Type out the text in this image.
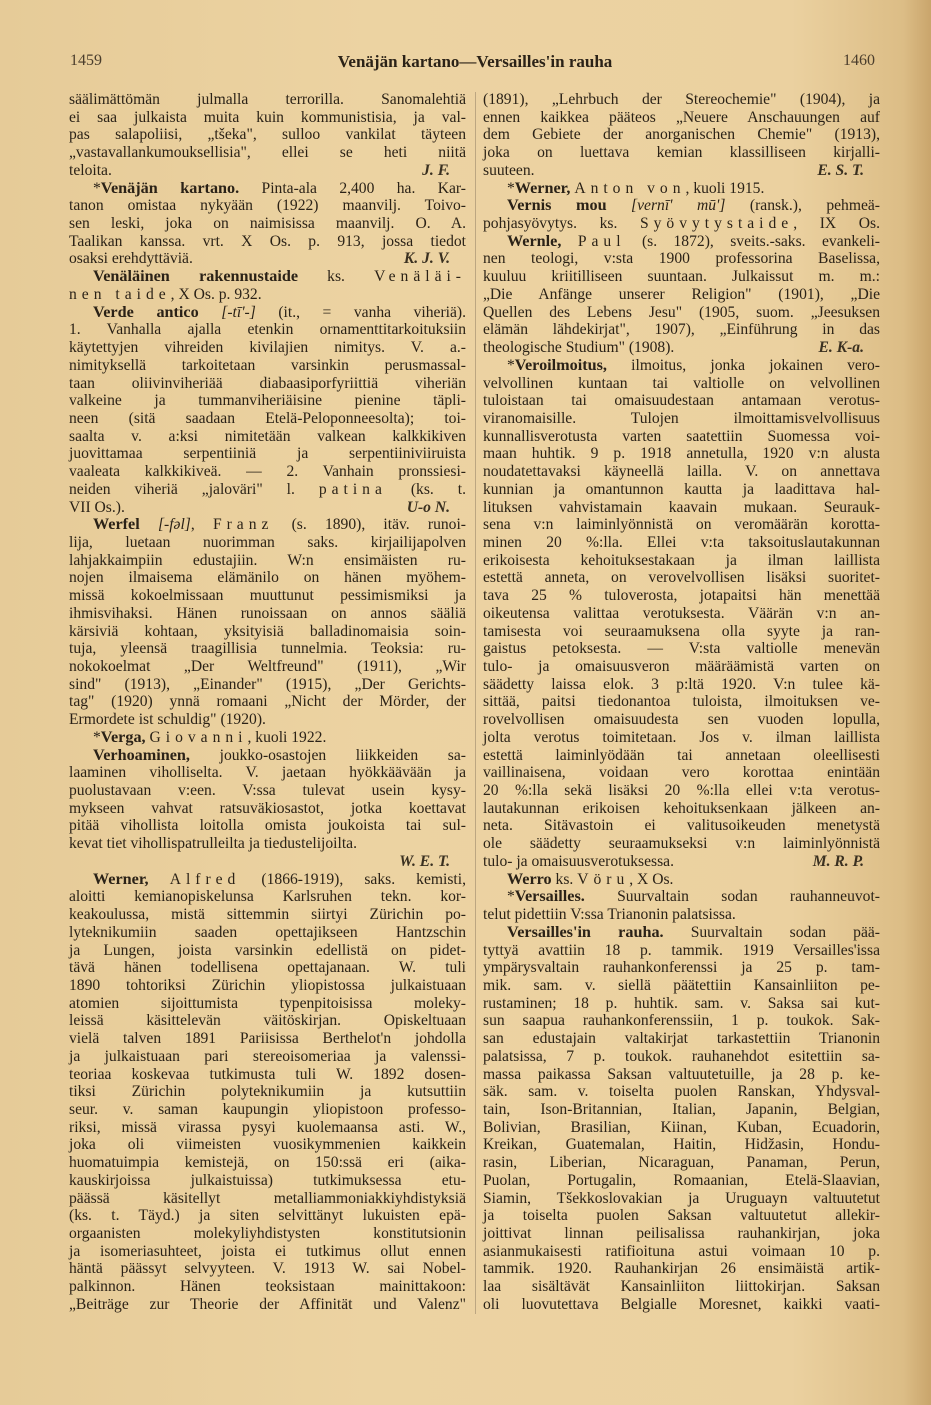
1459	Venäjän kartano—Versailles'in rauha	1460
säälimättömän julmalla terrorilla. Sanomalehtiä
ei saa julkaista muita kuin kommunistisia, ja val-
pas salapoliisi, „tšeka", sulloo vankilat täyteen
„vastavallankumouksellisia", ellei se heti niitä
teloita.	J. F.
*Venäjän kartano. Pinta-ala 2,400 ha. Kar-
tanon omistaa nykyään (1922) maanvilj. Toivo-
sen leski, joka on naimisissa maanvilj. O. A.
Taalikan kanssa. vrt. X Os. p. 913, jossa tiedot
osaksi erehdyttäviä.	K. J. V.
Venäläinen rakennustaide ks. Venäläi-
nen taide, X Os. p. 932.
Verde antico [-tī'-] (it., = vanha viheriä).
1. Vanhalla ajalla etenkin ornamenttitarkoituksiin
käytettyjen vihreiden kivilajien nimitys. V. a.-
nimityksellä tarkoitetaan varsinkin perusmassal-
taan oliivinviheriää diabaasiporfyriittiä viheriän
valkeine ja tummanviheriäisine pienine täpli-
neen (sitä saadaan Etelä-Peloponneesolta); toi-
saalta v. a:ksi nimitetään valkean kalkkikiven
juovittamaa serpentiiniä ja serpentiiniviiruista
vaaleata kalkkikiveä. — 2. Vanhain pronssiesi-
neiden viheriä „jaloväri" l. patina (ks. t.
VII Os.).	U-o N.
Werfel [-fəl], Franz (s. 1890), itäv. runoi-
lija, luetaan nuorimman saks. kirjailijapolven
lahjakkaimpiin edustajiin. W:n ensimäisten ru-
nojen ilmaisema elämänilo on hänen myöhem-
missä kokoelmissaan muuttunut pessimismiksi ja
ihmisvihaksi. Hänen runoissaan on annos sääliä
kärsiviä kohtaan, yksityisiä balladinomaisia soin-
tuja, yleensä traagillisia tunnelmia. Teoksia: ru-
nokokoelmat „Der Weltfreund" (1911), „Wir
sind" (1913), „Einander" (1915), „Der Gerichts-
tag" (1920) ynnä romaani „Nicht der Mörder, der
Ermordete ist schuldig" (1920).
*Verga, Giovanni, kuoli 1922.
Verhoaminen, joukko-osastojen liikkeiden sa-
laaminen viholliselta. V. jaetaan hyökkäävään ja
puolustavaan v:een. V:ssa tulevat usein kysy-
mykseen vahvat ratsuväkiosastot, jotka koettavat
pitää vihollista loitolla omista joukoista tai sul-
kevat tiet vihollispatrulleilta ja tiedustelijoilta.
W. E. T.
Werner, Alfred (1866-1919), saks. kemisti,
aloitti kemianopiskelunsa Karlsruhen tekn. kor-
keakoulussa, mistä sittemmin siirtyi Zürichin po-
lyteknikumiin saaden opettajikseen Hantzschin
ja Lungen, joista varsinkin edellistä on pidet-
tävä hänen todellisena opettajanaan. W. tuli
1890 tohtoriksi Zürichin yliopistossa julkaistuaan
atomien sijoittumista typenpitoisissa moleky-
leissä käsittelevän väitöskirjan. Opiskeltuaan
vielä talven 1891 Pariisissa Berthelot'n johdolla
ja julkaistuaan pari stereoisomeriaa ja valenssi-
teoriaa koskevaa tutkimusta tuli W. 1892 dosen-
tiksi Zürichin polyteknikumiin ja kutsuttiin
seur. v. saman kaupungin yliopistoon professo-
riksi, missä virassa pysyi kuolemaansa asti. W.,
joka oli viimeisten vuosikymmenien kaikkein
huomatuimpia kemistejä, on 150:ssä eri (aika-
kauskirjoissa julkaistuissa) tutkimuksessa etu-
päässä käsitellyt metalliammoniakkiyhdistyksiä
(ks. t. Täyd.) ja siten selvittänyt lukuisten epä-
orgaanisten molekyliyhdistysten konstitutsionin
ja isomeriasuhteet, joista ei tutkimus ollut ennen
häntä päässyt selvyyteen. V. 1913 W. sai Nobel-
palkinnon. Hänen teoksistaan mainittakoon:
„Beiträge zur Theorie der Affinität und Valenz"
(1891), „Lehrbuch der Stereochemie" (1904), ja
ennen kaikkea pääteos „Neuere Anschauungen auf
dem Gebiete der anorganischen Chemie" (1913),
joka on luettava kemian klassilliseen kirjalli-
suuteen.	E. S. T.
*Werner, Anton von, kuoli 1915.
Vernis mou [vernī' mū'] (ransk.), pehmeä-
pohjasyövytys. ks. Syövytystaide, IX Os.
Wernle, Paul (s. 1872), sveits.-saks. evankeli-
nen teologi, v:sta 1900 professorina Baselissa,
kuuluu kriitilliseen suuntaan. Julkaissut m. m.:
„Die Anfänge unserer Religion" (1901), „Die
Quellen des Lebens Jesu" (1905, suom. „Jeesuksen
elämän lähdekirjat", 1907), „Einführung in das
theologische Studium" (1908).	E. K-a.
*Veroilmoitus, ilmoitus, jonka jokainen vero-
velvollinen kuntaan tai valtiolle on velvollinen
tuloistaan tai omaisuudestaan antamaan verotus-
viranomaisille. Tulojen ilmoittamisvelvollisuus
kunnallisverotusta varten saatettiin Suomessa voi-
maan huhtik. 9 p. 1918 annetulla, 1920 v:n alusta
noudatettavaksi käyneellä lailla. V. on annettava
kunnian ja omantunnon kautta ja laadittava hal-
lituksen vahvistamain kaavain mukaan. Seurauk-
sena v:n laiminlyönnistä on veromäärän korotta-
minen 20 %:lla. Ellei v:ta taksoituslautakunnan
erikoisesta kehoituksestakaan ja ilman laillista
estettä anneta, on verovelvollisen lisäksi suoritet-
tava 25 % tuloverosta, jotapaitsi hän menettää
oikeutensa valittaa verotuksesta. Väärän v:n an-
tamisesta voi seuraamuksena olla syyte ja ran-
gaistus petoksesta. — V:sta valtiolle menevän
tulo- ja omaisuusveron määräämistä varten on
säädetty laissa elok. 3 p:ltä 1920. V:n tulee kä-
sittää, paitsi tiedonantoa tuloista, ilmoituksen ve-
rovelvollisen omaisuudesta sen vuoden lopulla,
jolta verotus toimitetaan. Jos v. ilman laillista
estettä laiminlyödään tai annetaan oleellisesti
vaillinaisena, voidaan vero korottaa enintään
20 %:lla sekä lisäksi 20 %:lla ellei v:ta verotus-
lautakunnan erikoisen kehoituksenkaan jälkeen an-
neta. Sitävastoin ei valitusoikeuden menetystä
ole säädetty seuraamukseksi v:n laiminlyönnistä
tulo- ja omaisuusverotuksessa.	M. R. P.
Werro ks. Vöru, X Os.
*Versailles. Suurvaltain sodan rauhanneuvot-
telut pidettiin V:ssa Trianonin palatsissa.
Versailles'in rauha. Suurvaltain sodan pää-
tyttyä avattiin 18 p. tammik. 1919 Versailles'issa
ympärysvaltain rauhankonferenssi ja 25 p. tam-
mik. sam. v. siellä päätettiin Kansainliiton pe-
rustaminen; 18 p. huhtik. sam. v. Saksa sai kut-
sun saapua rauhankonferenssiin, 1 p. toukok. Sak-
san edustajain valtakirjat tarkastettiin Trianonin
palatsissa, 7 p. toukok. rauhanehdot esitettiin sa-
massa paikassa Saksan valtuutetuille, ja 28 p. ke-
säk. sam. v. toiselta puolen Ranskan, Yhdysval-
tain, Ison-Britannian, Italian, Japanin, Belgian,
Bolivian, Brasilian, Kiinan, Kuban, Ecuadorin,
Kreikan, Guatemalan, Haitin, Hidžasin, Hondu-
rasin, Liberian, Nicaraguan, Panaman, Perun,
Puolan, Portugalin, Romaanian, Etelä-Slaavian,
Siamin, Tšekkoslovakian ja Uruguayn valtuutetut
ja toiselta puolen Saksan valtuutetut allekir-
joittivat linnan peilisalissa rauhankirjan, joka
asianmukaisesti ratifioituna astui voimaan 10 p.
tammik. 1920. Rauhankirjan 26 ensimäistä artik-
laa sisältävät Kansainliiton liittokirjan. Saksan
oli luovutettava Belgialle Moresnet, kaikki vaati-
